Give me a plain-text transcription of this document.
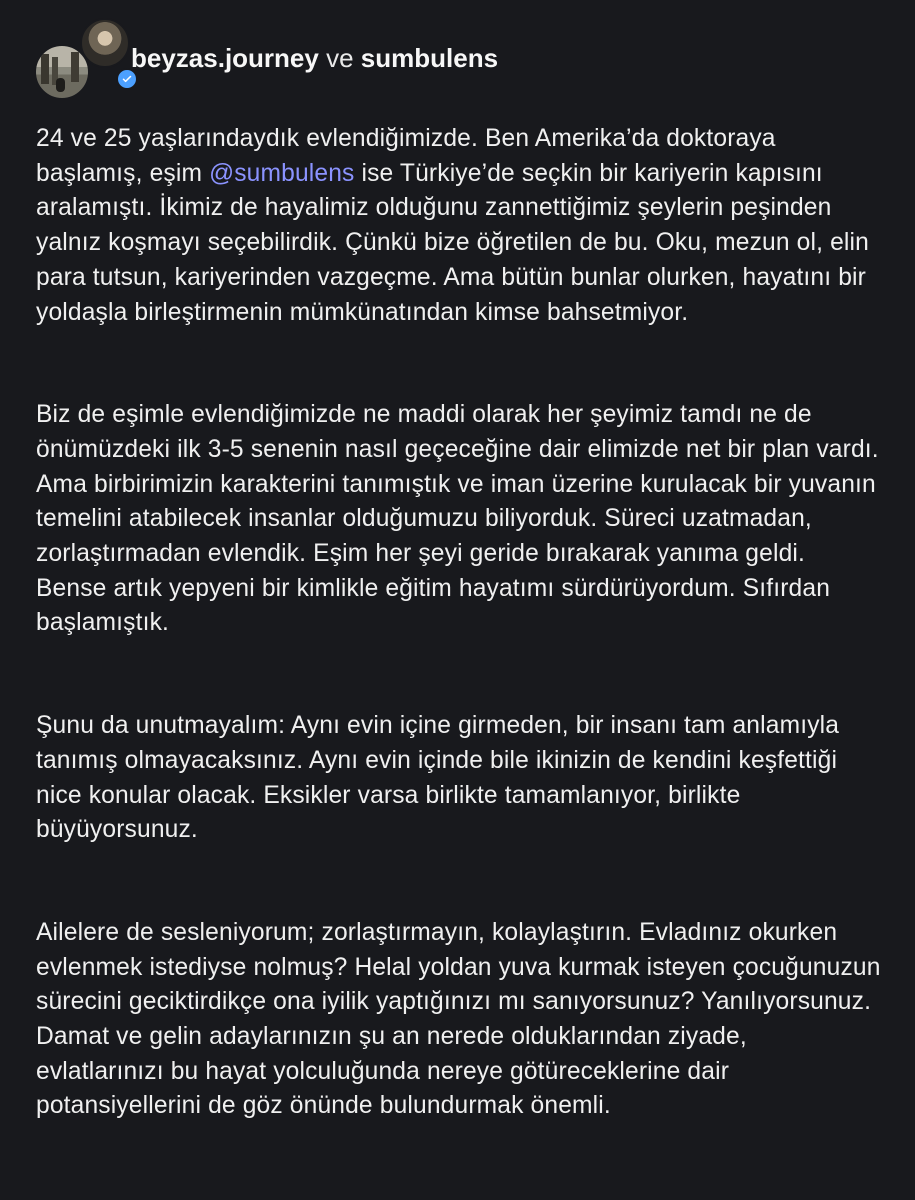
beyzas.journey ve sumbulens

24 ve 25 yaşlarındaydık evlendiğimizde. Ben Amerika’da doktoraya başlamış, eşim @sumbulens ise Türkiye’de seçkin bir kariyerin kapısını aralamıştı. İkimiz de hayalimiz olduğunu zannettiğimiz şeylerin peşinden yalnız koşmayı seçebilirdik. Çünkü bize öğretilen de bu. Oku, mezun ol, elin para tutsun, kariyerinden vazgeçme. Ama bütün bunlar olurken, hayatını bir yoldaşla birleştirmenin mümkünatından kimse bahsetmiyor.

Biz de eşimle evlendiğimizde ne maddi olarak her şeyimiz tamdı ne de önümüzdeki ilk 3-5 senenin nasıl geçeceğine dair elimizde net bir plan vardı. Ama birbirimizin karakterini tanımıştık ve iman üzerine kurulacak bir yuvanın temelini atabilecek insanlar olduğumuzu biliyorduk. Süreci uzatmadan, zorlaştırmadan evlendik. Eşim her şeyi geride bırakarak yanıma geldi. Bense artık yepyeni bir kimlikle eğitim hayatımı sürdürüyordum. Sıfırdan başlamıştık.

Şunu da unutmayalım: Aynı evin içine girmeden, bir insanı tam anlamıyla tanımış olmayacaksınız. Aynı evin içinde bile ikinizin de kendini keşfettiği nice konular olacak. Eksikler varsa birlikte tamamlanıyor, birlikte büyüyorsunuz.

Ailelere de sesleniyorum; zorlaştırmayın, kolaylaştırın. Evladınız okurken evlenmek istediyse nolmuş? Helal yoldan yuva kurmak isteyen çocuğunuzun sürecini geciktirdikçe ona iyilik yaptığınızı mı sanıyorsunuz? Yanılıyorsunuz. Damat ve gelin adaylarınızın şu an nerede olduklarından ziyade, evlatlarınızı bu hayat yolculuğunda nereye götüreceklerine dair potansiyellerini de göz önünde bulundurmak önemli.
